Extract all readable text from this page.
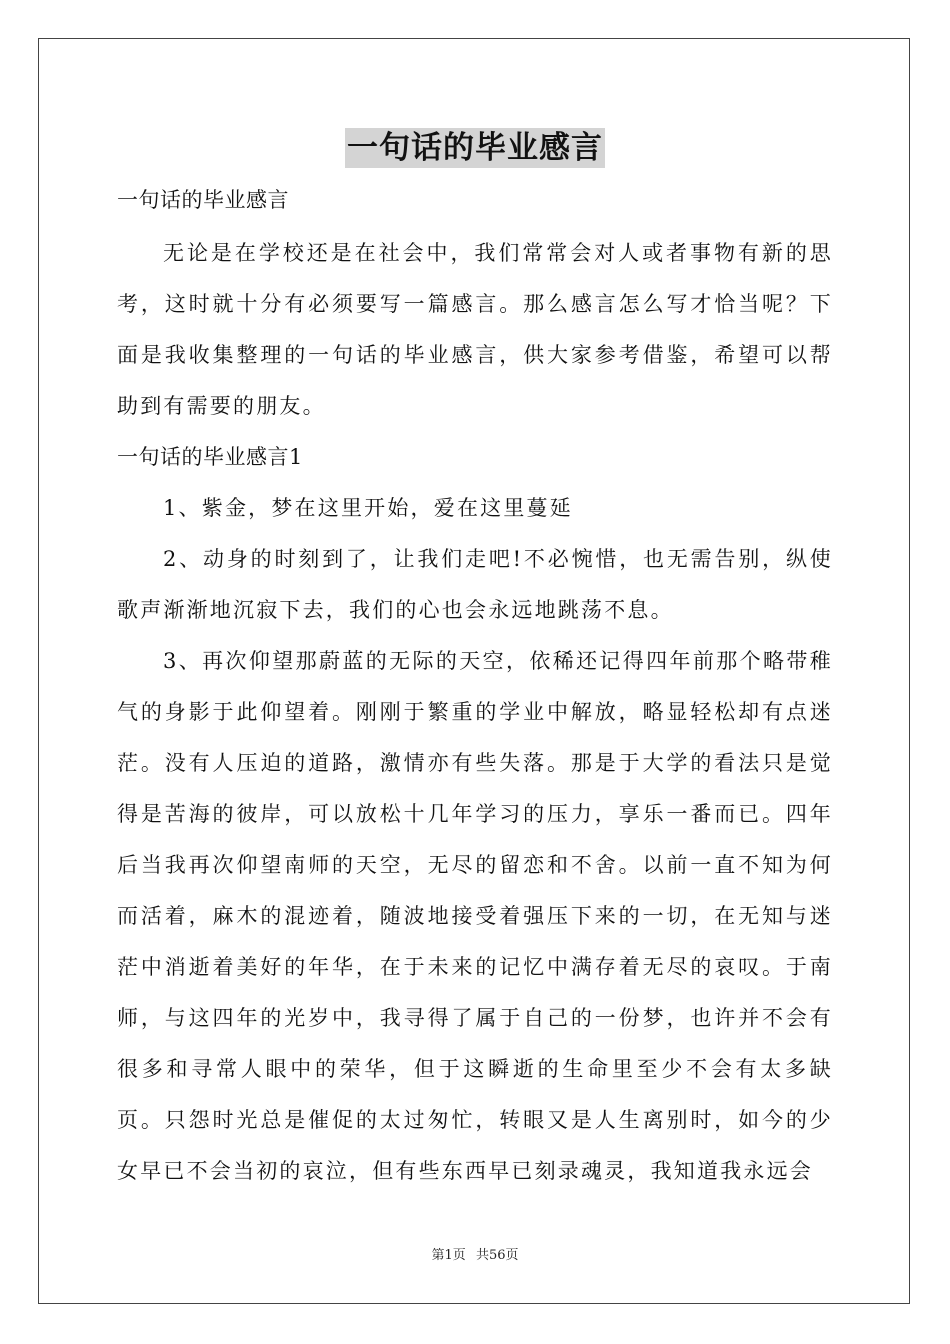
一句话的毕业感言

一句话的毕业感言

无论是在学校还是在社会中，我们常常会对人或者事物有新的思考，这时就十分有必须要写一篇感言。那么感言怎么写才恰当呢？下面是我收集整理的一句话的毕业感言，供大家参考借鉴，希望可以帮助到有需要的朋友。

一句话的毕业感言1

1、紫金，梦在这里开始，爱在这里蔓延

2、动身的时刻到了，让我们走吧!不必惋惜，也无需告别，纵使歌声渐渐地沉寂下去，我们的心也会永远地跳荡不息。

3、再次仰望那蔚蓝的无际的天空，依稀还记得四年前那个略带稚气的身影于此仰望着。刚刚于繁重的学业中解放，略显轻松却有点迷茫。没有人压迫的道路，激情亦有些失落。那是于大学的看法只是觉得是苦海的彼岸，可以放松十几年学习的压力，享乐一番而已。四年后当我再次仰望南师的天空，无尽的留恋和不舍。以前一直不知为何而活着，麻木的混迹着，随波地接受着强压下来的一切，在无知与迷茫中消逝着美好的年华，在于未来的记忆中满存着无尽的哀叹。于南师，与这四年的光岁中，我寻得了属于自己的一份梦，也许并不会有很多和寻常人眼中的荣华，但于这瞬逝的生命里至少不会有太多缺页。只怨时光总是催促的太过匆忙，转眼又是人生离别时，如今的少女早已不会当初的哀泣，但有些东西早已刻录魂灵，我知道我永远会

第1页 共56页
